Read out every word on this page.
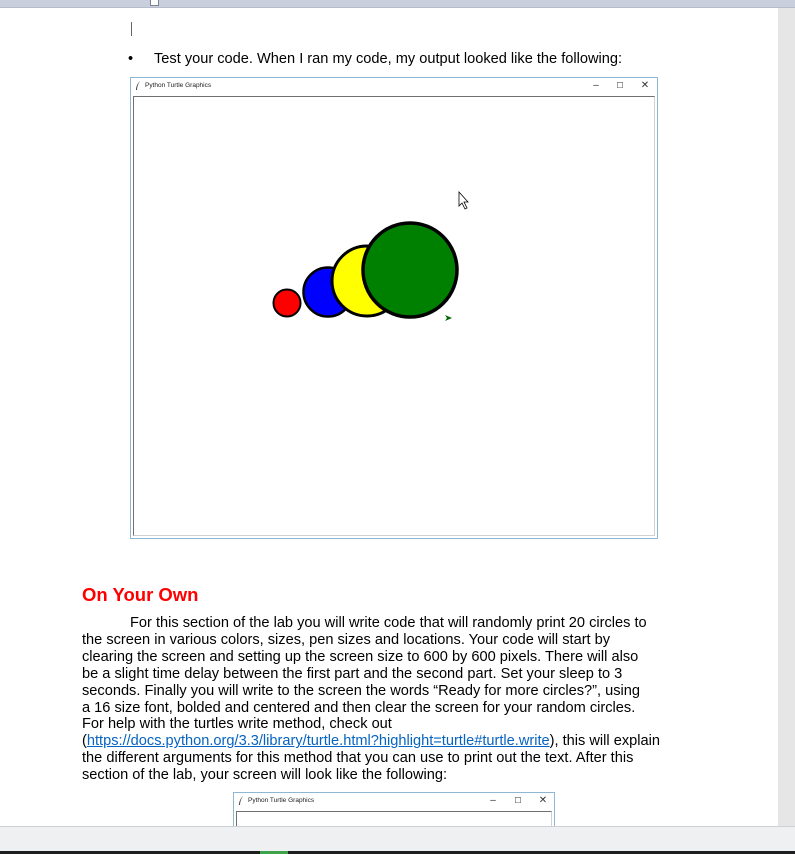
• Test your code. When I ran my code, my output looked like the following:
Python Turtle Graphics	–	☐	✕
On Your Own
For this section of the lab you will write code that will randomly print 20 circles to
the screen in various colors, sizes, pen sizes and locations. Your code will start by
clearing the screen and setting up the screen size to 600 by 600 pixels. There will also
be a slight time delay between the first part and the second part. Set your sleep to 3
seconds. Finally you will write to the screen the words “Ready for more circles?”, using
a 16 size font, bolded and centered and then clear the screen for your random circles.
For help with the turtles write method, check out
(https://docs.python.org/3.3/library/turtle.html?highlight=turtle#turtle.write), this will explain
the different arguments for this method that you can use to print out the text. After this
section of the lab, your screen will look like the following:
Python Turtle Graphics	–	☐	✕
